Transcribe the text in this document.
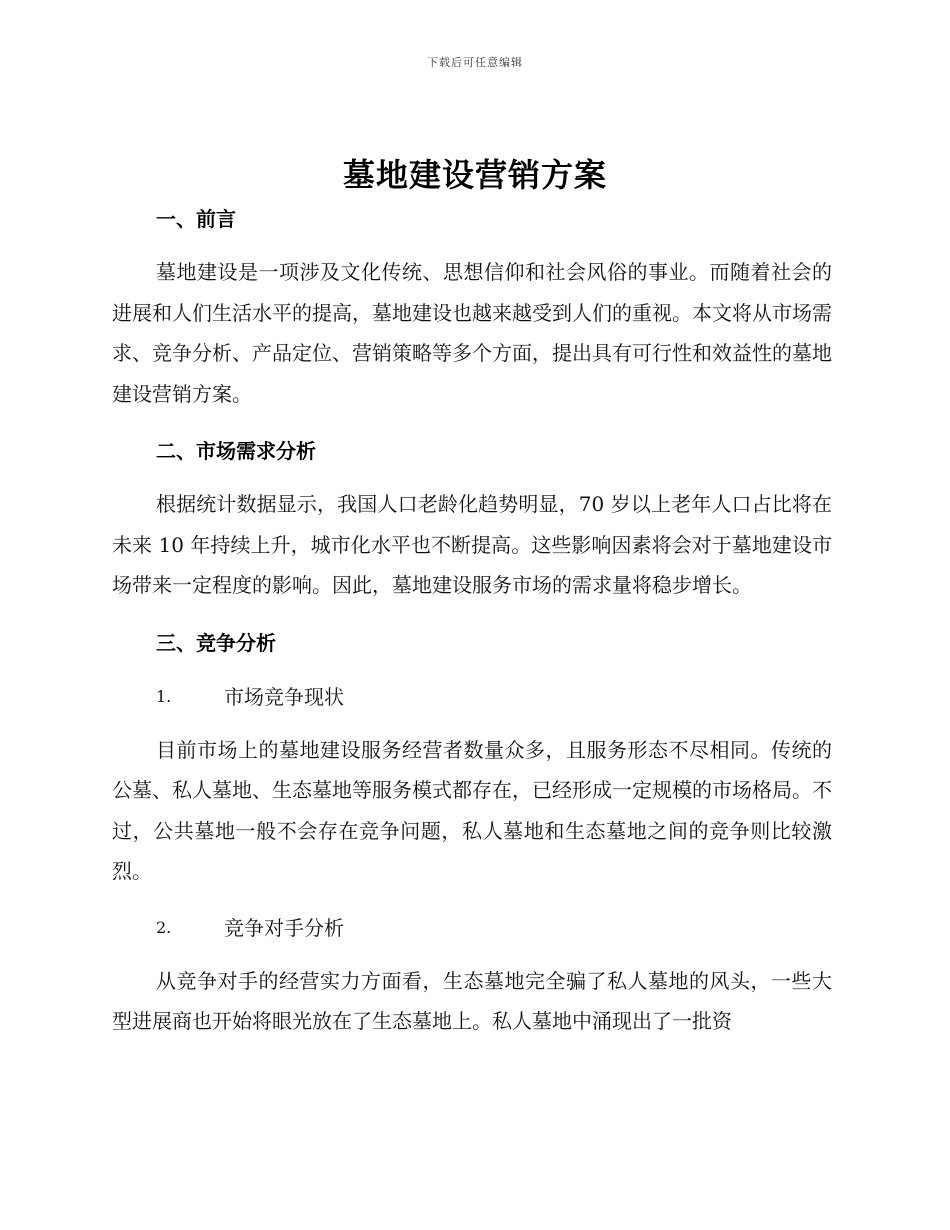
下载后可任意编辑
墓地建设营销方案
一、前言

墓地建设是一项涉及文化传统、思想信仰和社会风俗的事业。而随着社会的进展和人们生活水平的提高，墓地建设也越来越受到人们的重视。本文将从市场需求、竞争分析、产品定位、营销策略等多个方面，提出具有可行性和效益性的墓地建设营销方案。

二、市场需求分析

根据统计数据显示，我国人口老龄化趋势明显，70 岁以上老年人口占比将在未来 10 年持续上升，城市化水平也不断提高。这些影响因素将会对于墓地建设市场带来一定程度的影响。因此，墓地建设服务市场的需求量将稳步增长。

三、竞争分析
1.	市场竞争现状

目前市场上的墓地建设服务经营者数量众多，且服务形态不尽相同。传统的公墓、私人墓地、生态墓地等服务模式都存在，已经形成一定规模的市场格局。不过，公共墓地一般不会存在竞争问题，私人墓地和生态墓地之间的竞争则比较激烈。

2.	竞争对手分析

从竞争对手的经营实力方面看，生态墓地完全骗了私人墓地的风头，一些大型进展商也开始将眼光放在了生态墓地上。私人墓地中涌现出了一批资
